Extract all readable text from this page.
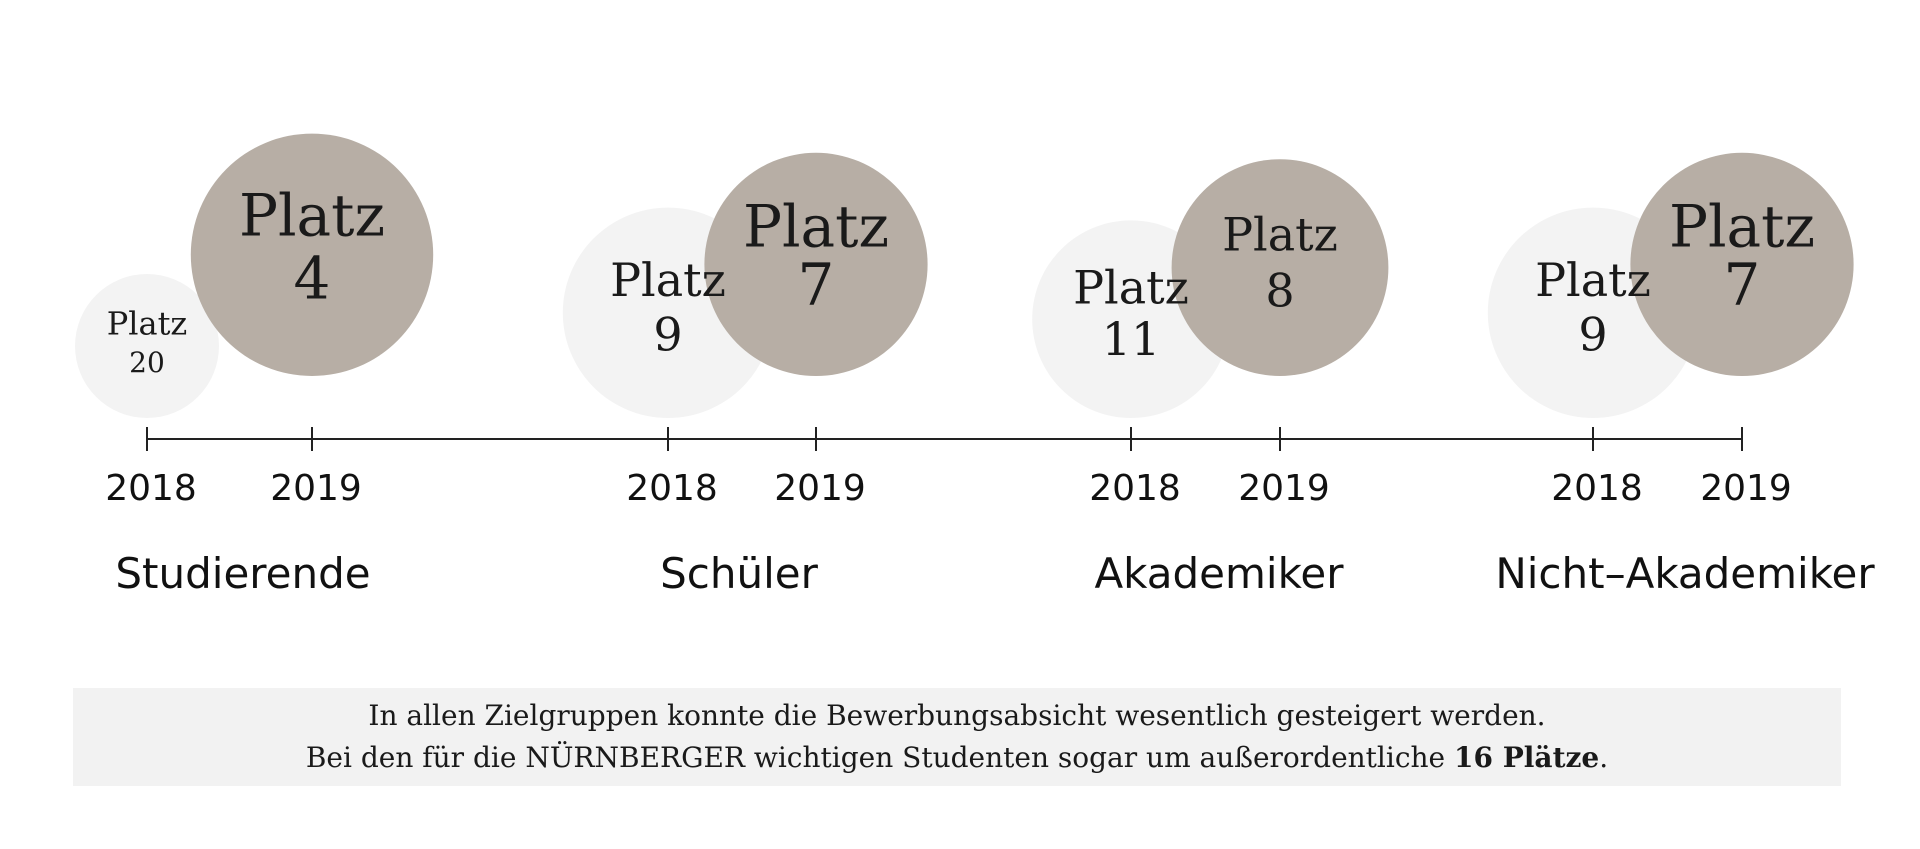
Platz
20
2018
Platz
4
2019
Studierende
Platz
9
2018
Platz
7
2019
Schüler
Platz
11
2018
Platz
8
2019
Akademiker
Platz
9
2018
Platz
7
2019
Nicht–Akademiker
In allen Zielgruppen konnte die Bewerbungsabsicht wesentlich gesteigert werden.
Bei den für die NÜRNBERGER wichtigen Studenten sogar um außerordentliche 16 Plätze.
